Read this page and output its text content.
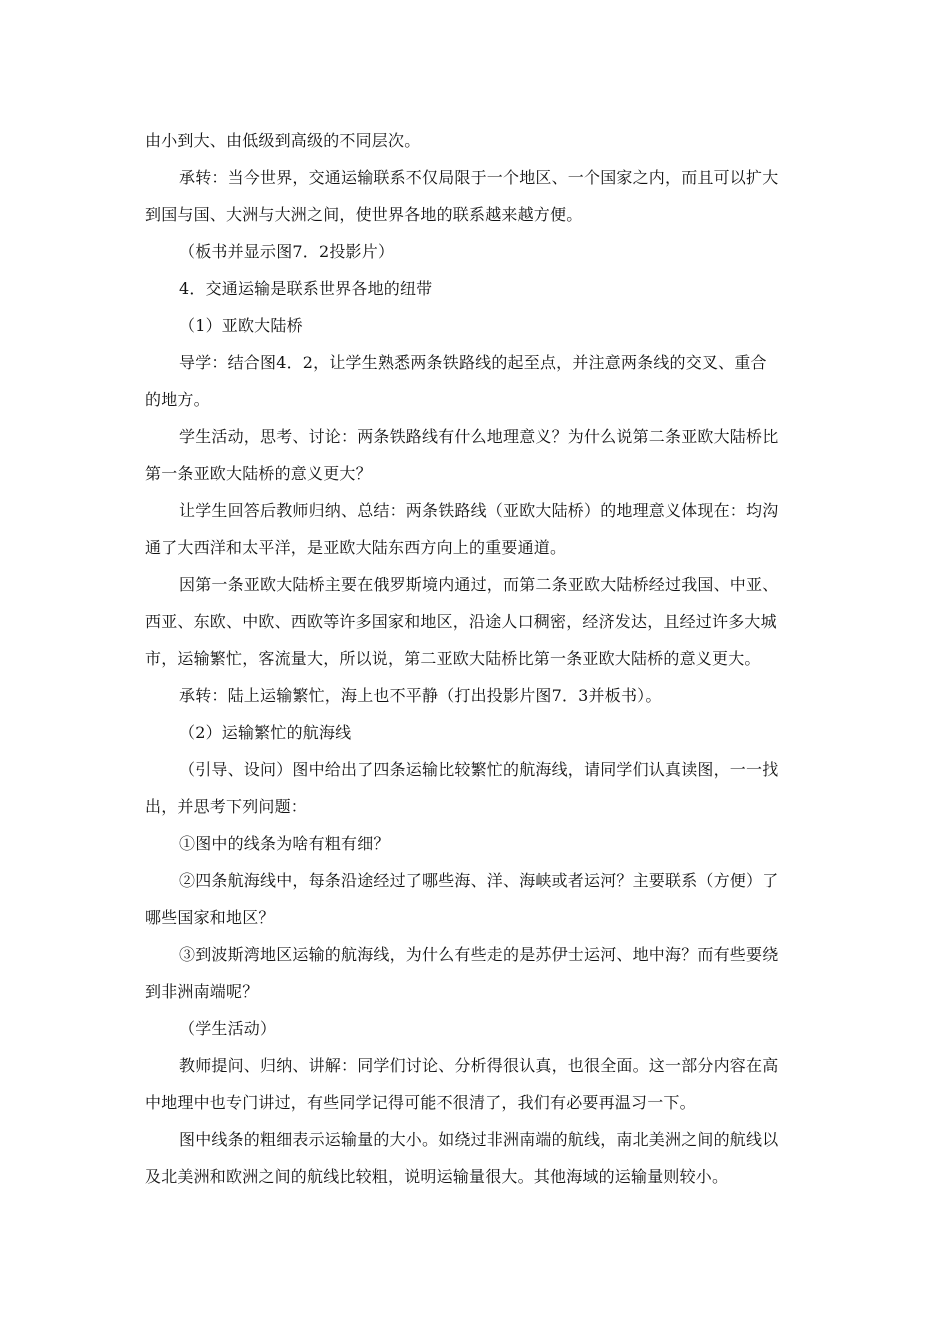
由小到大、由低级到高级的不同层次。
承转：当今世界，交通运输联系不仅局限于一个地区、一个国家之内，而且可以扩大
到国与国、大洲与大洲之间，使世界各地的联系越来越方便。
（板书并显示图7．2投影片）
4．交通运输是联系世界各地的纽带
（1）亚欧大陆桥
导学：结合图4．2，让学生熟悉两条铁路线的起至点，并注意两条线的交叉、重合
的地方。
学生活动，思考、讨论：两条铁路线有什么地理意义？为什么说第二条亚欧大陆桥比
第一条亚欧大陆桥的意义更大？
让学生回答后教师归纳、总结：两条铁路线（亚欧大陆桥）的地理意义体现在：均沟
通了大西洋和太平洋，是亚欧大陆东西方向上的重要通道。
因第一条亚欧大陆桥主要在俄罗斯境内通过，而第二条亚欧大陆桥经过我国、中亚、
西亚、东欧、中欧、西欧等许多国家和地区，沿途人口稠密，经济发达，且经过许多大城
市，运输繁忙，客流量大，所以说，第二亚欧大陆桥比第一条亚欧大陆桥的意义更大。
承转：陆上运输繁忙，海上也不平静（打出投影片图7．3并板书）。
（2）运输繁忙的航海线
（引导、设问）图中给出了四条运输比较繁忙的航海线，请同学们认真读图，一一找
出，并思考下列问题：
①图中的线条为啥有粗有细？
②四条航海线中，每条沿途经过了哪些海、洋、海峡或者运河？主要联系（方便）了
哪些国家和地区？
③到波斯湾地区运输的航海线，为什么有些走的是苏伊士运河、地中海？而有些要绕
到非洲南端呢？
（学生活动）
教师提问、归纳、讲解：同学们讨论、分析得很认真，也很全面。这一部分内容在高
中地理中也专门讲过，有些同学记得可能不很清了，我们有必要再温习一下。
图中线条的粗细表示运输量的大小。如绕过非洲南端的航线，南北美洲之间的航线以
及北美洲和欧洲之间的航线比较粗，说明运输量很大。其他海域的运输量则较小。
